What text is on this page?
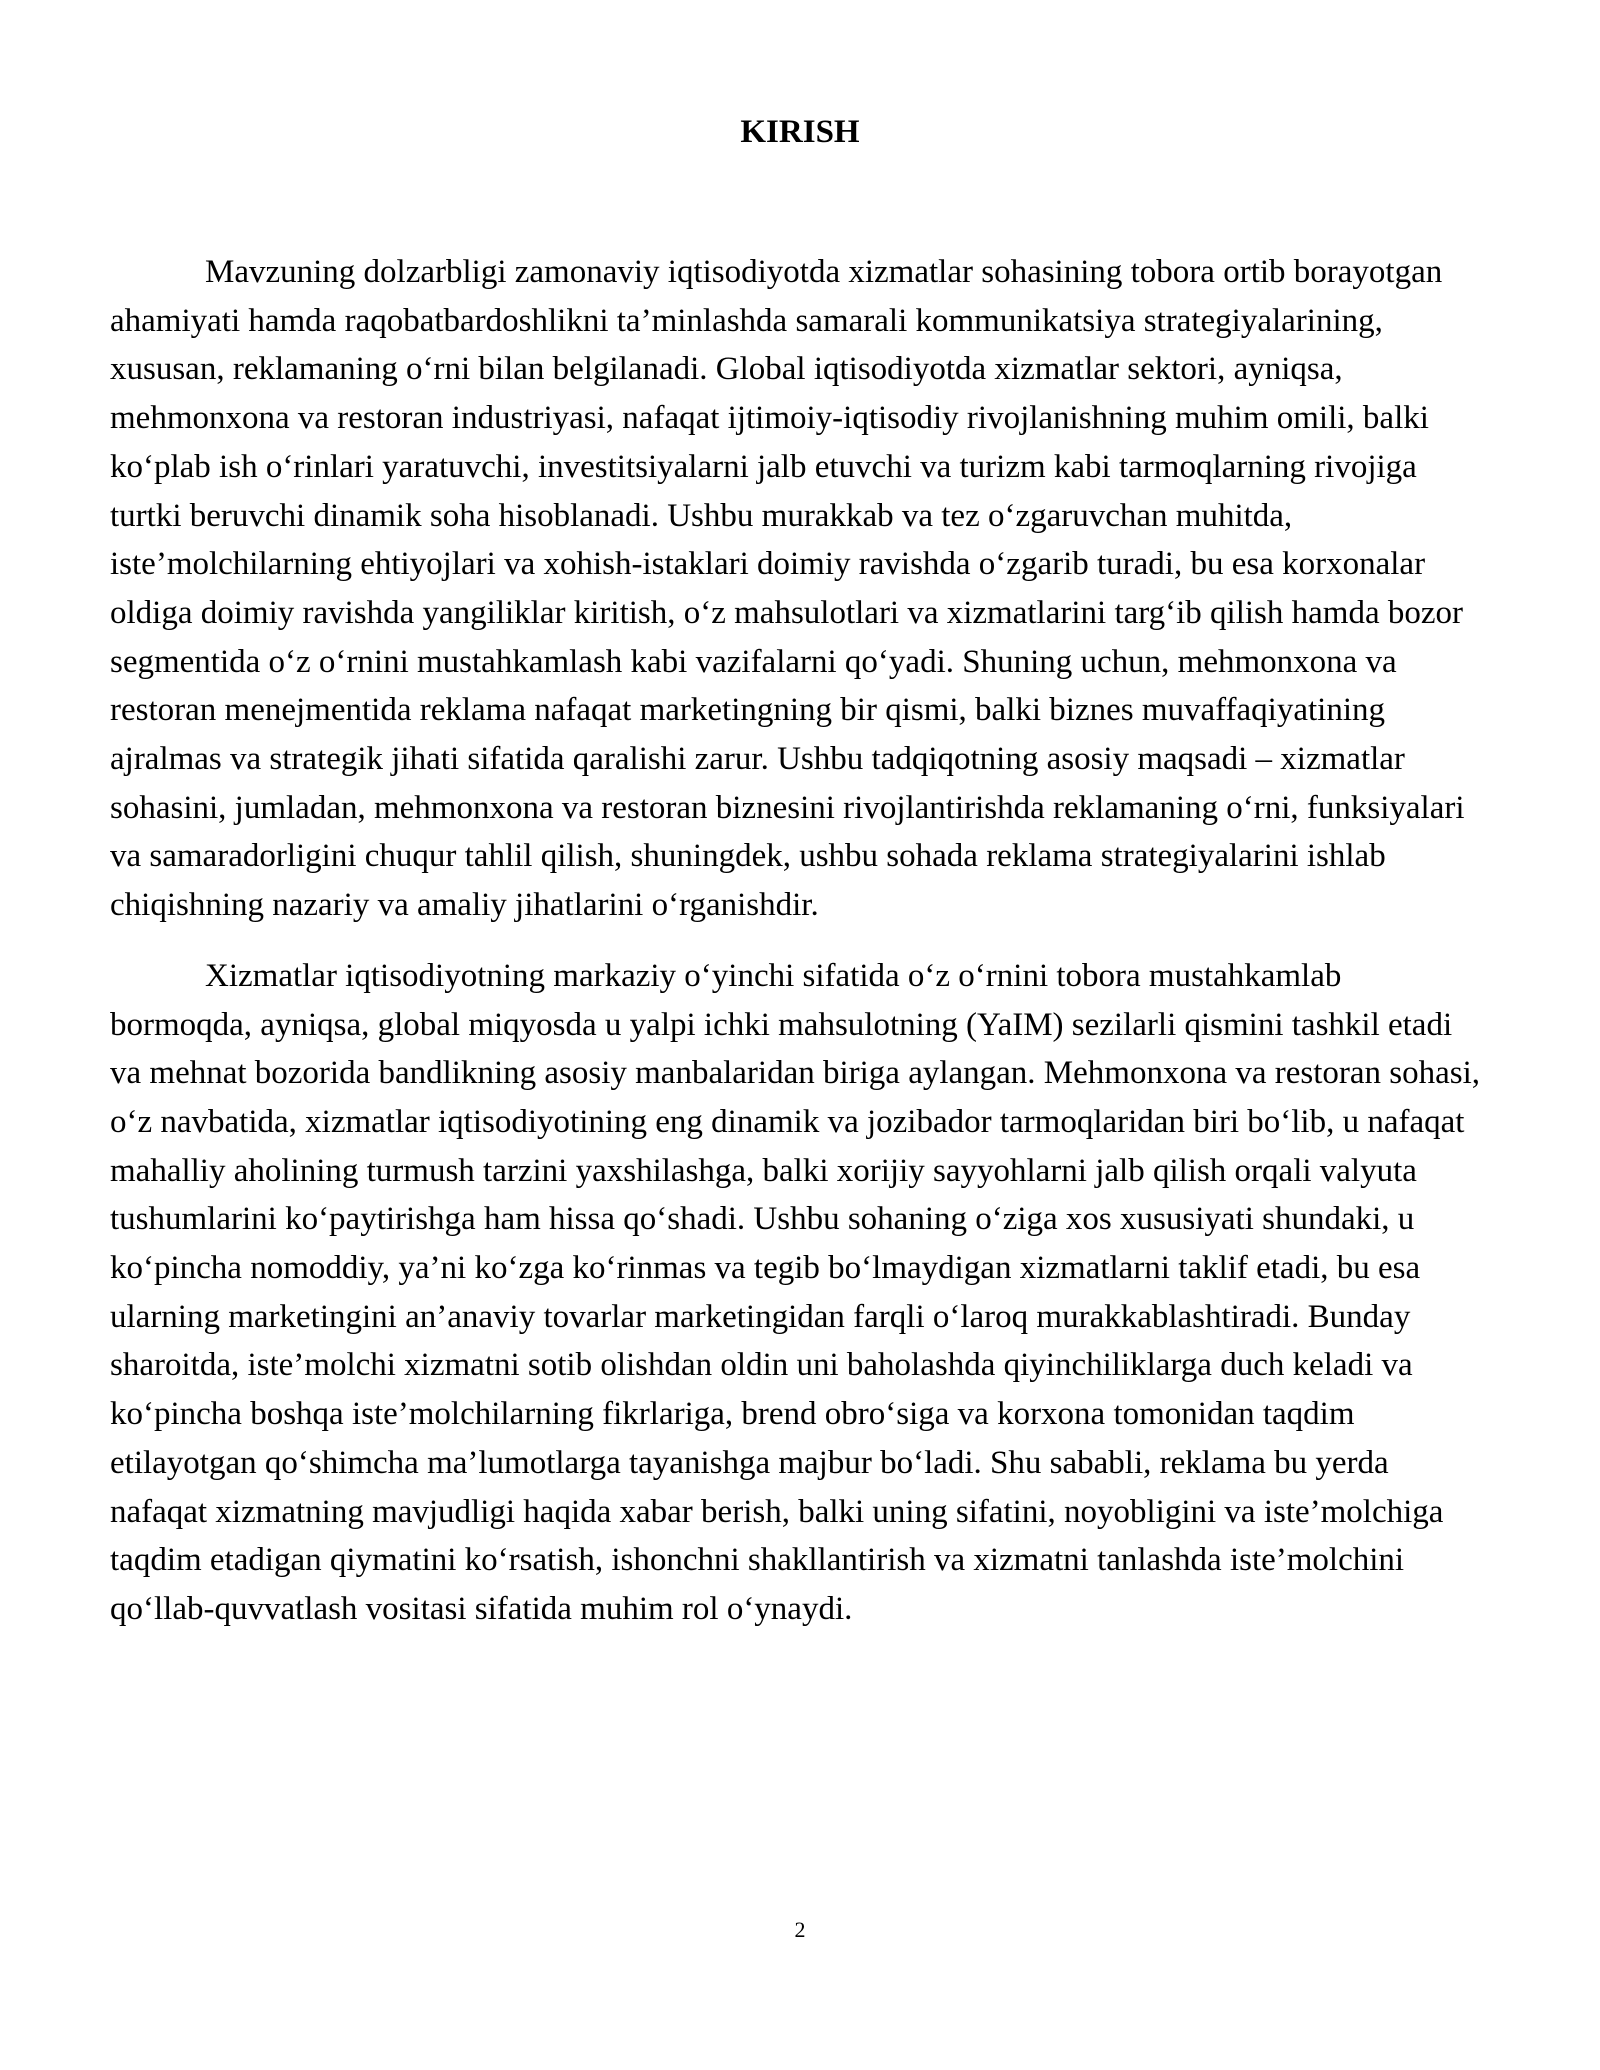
KIRISH

Mavzuning dolzarbligi zamonaviy iqtisodiyotda xizmatlar sohasining tobora ortib borayotgan ahamiyati hamda raqobatbardoshlikni ta’minlashda samarali kommunikatsiya strategiyalarining, xususan, reklamaning o‘rni bilan belgilanadi. Global iqtisodiyotda xizmatlar sektori, ayniqsa, mehmonxona va restoran industriyasi, nafaqat ijtimoiy-iqtisodiy rivojlanishning muhim omili, balki ko‘plab ish o‘rinlari yaratuvchi, investitsiyalarni jalb etuvchi va turizm kabi tarmoqlarning rivojiga turtki beruvchi dinamik soha hisoblanadi. Ushbu murakkab va tez o‘zgaruvchan muhitda, iste’molchilarning ehtiyojlari va xohish-istaklari doimiy ravishda o‘zgarib turadi, bu esa korxonalar oldiga doimiy ravishda yangiliklar kiritish, o‘z mahsulotlari va xizmatlarini targ‘ib qilish hamda bozor segmentida o‘z o‘rnini mustahkamlash kabi vazifalarni qo‘yadi. Shuning uchun, mehmonxona va restoran menejmentida reklama nafaqat marketingning bir qismi, balki biznes muvaffaqiyatining ajralmas va strategik jihati sifatida qaralishi zarur. Ushbu tadqiqotning asosiy maqsadi – xizmatlar sohasini, jumladan, mehmonxona va restoran biznesini rivojlantirishda reklamaning o‘rni, funksiyalari va samaradorligini chuqur tahlil qilish, shuningdek, ushbu sohada reklama strategiyalarini ishlab chiqishning nazariy va amaliy jihatlarini o‘rganishdir.

Xizmatlar iqtisodiyotning markaziy o‘yinchi sifatida o‘z o‘rnini tobora mustahkamlab bormoqda, ayniqsa, global miqyosda u yalpi ichki mahsulotning (YaIM) sezilarli qismini tashkil etadi va mehnat bozorida bandlikning asosiy manbalaridan biriga aylangan. Mehmonxona va restoran sohasi, o‘z navbatida, xizmatlar iqtisodiyotining eng dinamik va jozibador tarmoqlaridan biri bo‘lib, u nafaqat mahalliy aholining turmush tarzini yaxshilashga, balki xorijiy sayyohlarni jalb qilish orqali valyuta tushumlarini ko‘paytirishga ham hissa qo‘shadi. Ushbu sohaning o‘ziga xos xususiyati shundaki, u ko‘pincha nomoddiy, ya’ni ko‘zga ko‘rinmas va tegib bo‘lmaydigan xizmatlarni taklif etadi, bu esa ularning marketingini an’anaviy tovarlar marketingidan farqli o‘laroq murakkablashtiradi. Bunday sharoitda, iste’molchi xizmatni sotib olishdan oldin uni baholashda qiyinchiliklarga duch keladi va ko‘pincha boshqa iste’molchilarning fikrlariga, brend obro‘siga va korxona tomonidan taqdim etilayotgan qo‘shimcha ma’lumotlarga tayanishga majbur bo‘ladi. Shu sababli, reklama bu yerda nafaqat xizmatning mavjudligi haqida xabar berish, balki uning sifatini, noyobligini va iste’molchiga taqdim etadigan qiymatini ko‘rsatish, ishonchni shakllantirish va xizmatni tanlashda iste’molchini qo‘llab-quvvatlash vositasi sifatida muhim rol o‘ynaydi.

2
